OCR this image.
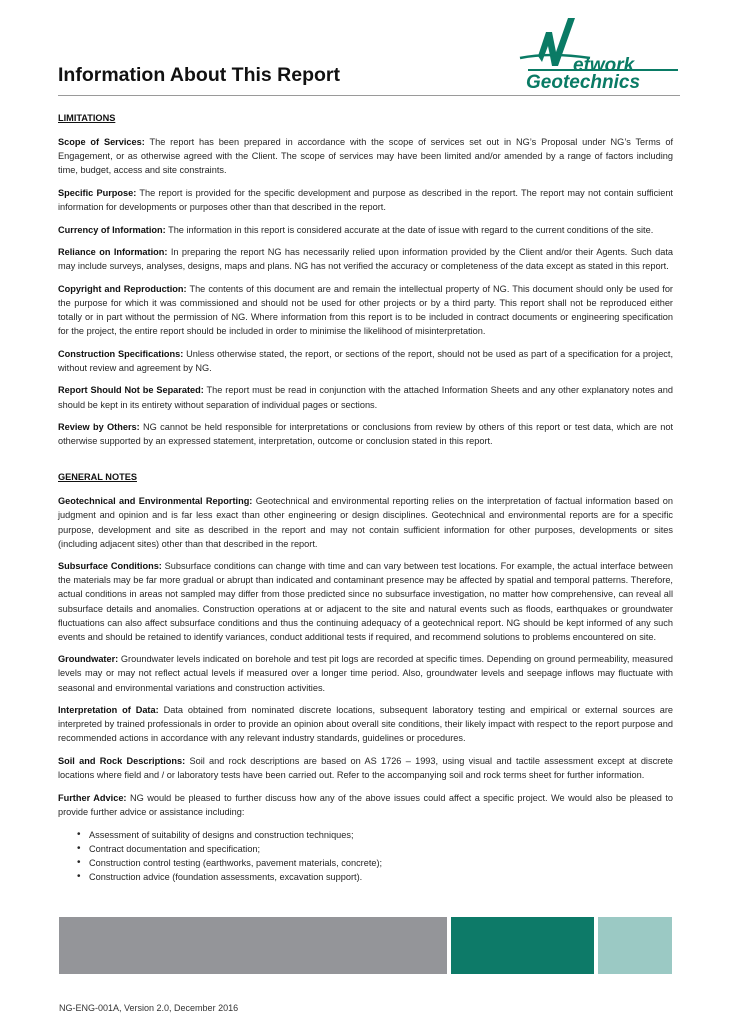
Information About This Report	etwork
Geotechnics
LIMITATIONS

Scope of Services: The report has been prepared in accordance with the scope of services set out in NG’s Proposal under NG’s Terms of Engagement, or as otherwise agreed with the Client. The scope of services may have been limited and/or amended by a range of factors including time, budget, access and site constraints.

Specific Purpose: The report is provided for the specific development and purpose as described in the report. The report may not contain sufficient information for developments or purposes other than that described in the report.

Currency of Information: The information in this report is considered accurate at the date of issue with regard to the current conditions of the site.

Reliance on Information: In preparing the report NG has necessarily relied upon information provided by the Client and/or their Agents. Such data may include surveys, analyses, designs, maps and plans. NG has not verified the accuracy or completeness of the data except as stated in this report.

Copyright and Reproduction: The contents of this document are and remain the intellectual property of NG. This document should only be used for the purpose for which it was commissioned and should not be used for other projects or by a third party. This report shall not be reproduced either totally or in part without the permission of NG. Where information from this report is to be included in contract documents or engineering specification for the project, the entire report should be included in order to minimise the likelihood of misinterpretation.

Construction Specifications: Unless otherwise stated, the report, or sections of the report, should not be used as part of a specification for a project, without review and agreement by NG.

Report Should Not be Separated: The report must be read in conjunction with the attached Information Sheets and any other explanatory notes and should be kept in its entirety without separation of individual pages or sections.

Review by Others: NG cannot be held responsible for interpretations or conclusions from review by others of this report or test data, which are not otherwise supported by an expressed statement, interpretation, outcome or conclusion stated in this report.

GENERAL NOTES

Geotechnical and Environmental Reporting: Geotechnical and environmental reporting relies on the interpretation of factual information based on judgment and opinion and is far less exact than other engineering or design disciplines. Geotechnical and environmental reports are for a specific purpose, development and site as described in the report and may not contain sufficient information for other purposes, developments or sites (including adjacent sites) other than that described in the report.

Subsurface Conditions: Subsurface conditions can change with time and can vary between test locations. For example, the actual interface between the materials may be far more gradual or abrupt than indicated and contaminant presence may be affected by spatial and temporal patterns. Therefore, actual conditions in areas not sampled may differ from those predicted since no subsurface investigation, no matter how comprehensive, can reveal all subsurface details and anomalies. Construction operations at or adjacent to the site and natural events such as floods, earthquakes or groundwater fluctuations can also affect subsurface conditions and thus the continuing adequacy of a geotechnical report. NG should be kept informed of any such events and should be retained to identify variances, conduct additional tests if required, and recommend solutions to problems encountered on site.

Groundwater: Groundwater levels indicated on borehole and test pit logs are recorded at specific times. Depending on ground permeability, measured levels may or may not reflect actual levels if measured over a longer time period. Also, groundwater levels and seepage inflows may fluctuate with seasonal and environmental variations and construction activities.

Interpretation of Data: Data obtained from nominated discrete locations, subsequent laboratory testing and empirical or external sources are interpreted by trained professionals in order to provide an opinion about overall site conditions, their likely impact with respect to the report purpose and recommended actions in accordance with any relevant industry standards, guidelines or procedures.

Soil and Rock Descriptions: Soil and rock descriptions are based on AS 1726 – 1993, using visual and tactile assessment except at discrete locations where field and / or laboratory tests have been carried out. Refer to the accompanying soil and rock terms sheet for further information.

Further Advice: NG would be pleased to further discuss how any of the above issues could affect a specific project. We would also be pleased to provide further advice or assistance including:

• Assessment of suitability of designs and construction techniques;
• Contract documentation and specification;
• Construction control testing (earthworks, pavement materials, concrete);
• Construction advice (foundation assessments, excavation support).
NG-ENG-001A, Version 2.0, December 2016
